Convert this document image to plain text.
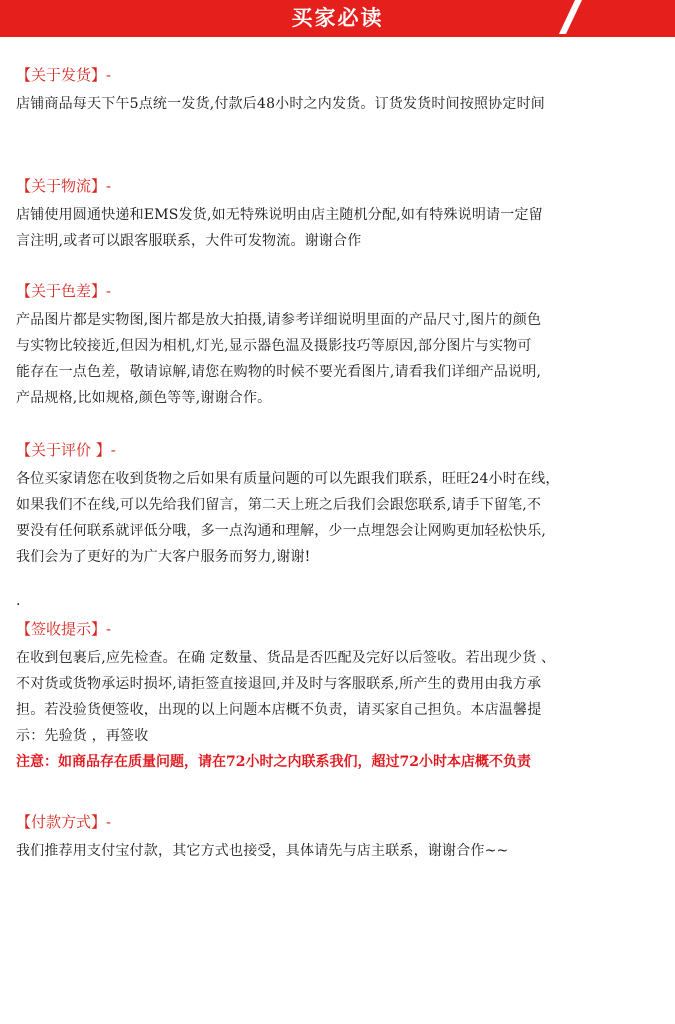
买家必读
【关于发货】-
店铺商品每天下午5点统一发货,付款后48小时之内发货。订货发货时间按照协定时间
【关于物流】-
店铺使用圆通快递和EMS发货,如无特殊说明由店主随机分配,如有特殊说明请一定留
言注明,或者可以跟客服联系，大件可发物流。谢谢合作
【关于色差】-
产品图片都是实物图,图片都是放大拍摄,请参考详细说明里面的产品尺寸,图片的颜色
与实物比较接近,但因为相机,灯光,显示器色温及摄影技巧等原因,部分图片与实物可
能存在一点色差，敬请谅解,请您在购物的时候不要光看图片,请看我们详细产品说明,
产品规格,比如规格,颜色等等,谢谢合作。
【关于评价 】-
各位买家请您在收到货物之后如果有质量问题的可以先跟我们联系，旺旺24小时在线，
如果我们不在线,可以先给我们留言，第二天上班之后我们会跟您联系,请手下留笔,不
要没有任何联系就评低分哦，多一点沟通和理解，少一点埋怨会让网购更加轻松快乐,
我们会为了更好的为广大客户服务而努力,谢谢!
.
【签收提示】-
在收到包裹后,应先检查。在确 定数量、货品是否匹配及完好以后签收。若出现少货 、
不对货或货物承运时损坏,请拒签直接退回,并及时与客服联系,所产生的费用由我方承
担。若没验货便签收，出现的以上问题本店概不负责，请买家自己担负。本店温馨提
示：先验货 ，再签收
注意：如商品存在质量问题，请在72小时之内联系我们，超过72小时本店概不负责
【付款方式】-
我们推荐用支付宝付款，其它方式也接受，具体请先与店主联系，谢谢合作~~
